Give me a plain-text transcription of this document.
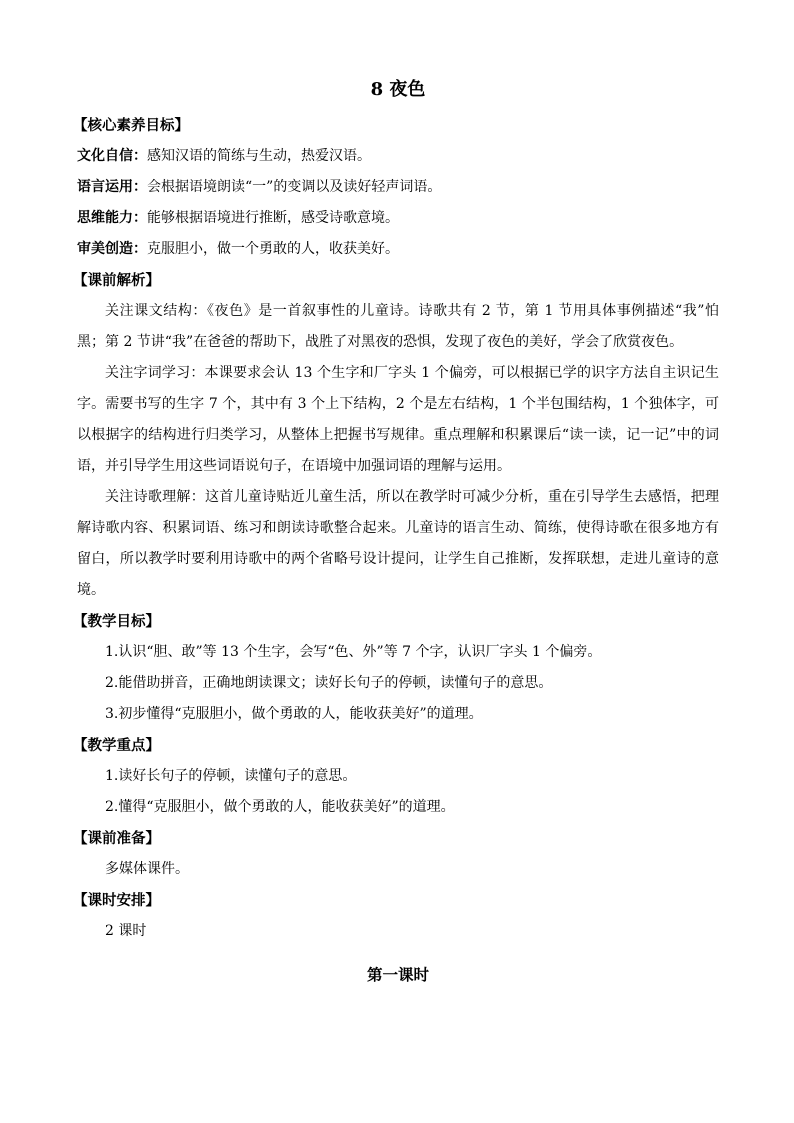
8 夜色

【核心素养目标】

文化自信：感知汉语的简练与生动，热爱汉语。

语言运用：会根据语境朗读“一”的变调以及读好轻声词语。

思维能力：能够根据语境进行推断，感受诗歌意境。

审美创造：克服胆小，做一个勇敢的人，收获美好。

【课前解析】

关注课文结构：《夜色》是一首叙事性的儿童诗。诗歌共有 2 节，第 1 节用具体事例描述“我”怕黑；第 2 节讲“我”在爸爸的帮助下，战胜了对黑夜的恐惧，发现了夜色的美好，学会了欣赏夜色。

关注字词学习：本课要求会认 13 个生字和厂字头 1 个偏旁，可以根据已学的识字方法自主识记生字。需要书写的生字 7 个，其中有 3 个上下结构，2 个是左右结构，1 个半包围结构，1 个独体字，可以根据字的结构进行归类学习，从整体上把握书写规律。重点理解和积累课后“读一读，记一记”中的词语，并引导学生用这些词语说句子，在语境中加强词语的理解与运用。

关注诗歌理解：这首儿童诗贴近儿童生活，所以在教学时可减少分析，重在引导学生去感悟，把理解诗歌内容、积累词语、练习和朗读诗歌整合起来。儿童诗的语言生动、简练，使得诗歌在很多地方有留白，所以教学时要利用诗歌中的两个省略号设计提问，让学生自己推断，发挥联想，走进儿童诗的意境。

【教学目标】

1.认识“胆、敢”等 13 个生字，会写“色、外”等 7 个字，认识厂字头 1 个偏旁。

2.能借助拼音，正确地朗读课文；读好长句子的停顿，读懂句子的意思。

3.初步懂得“克服胆小，做个勇敢的人，能收获美好”的道理。

【教学重点】

1.读好长句子的停顿，读懂句子的意思。

2.懂得“克服胆小，做个勇敢的人，能收获美好”的道理。

【课前准备】

多媒体课件。

【课时安排】

2 课时

第一课时
